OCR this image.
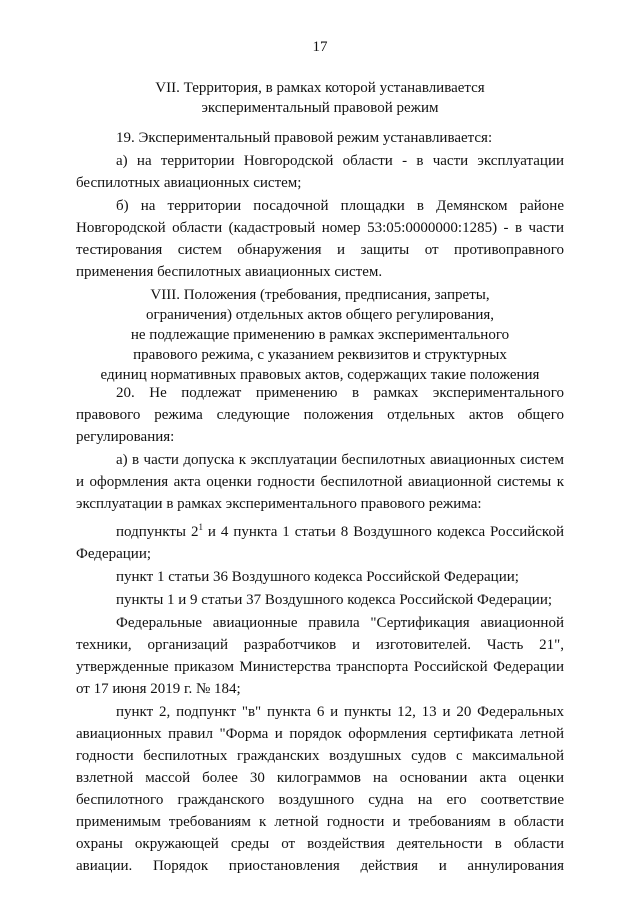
17
VII. Территория, в рамках которой устанавливается
экспериментальный правовой режим

19. Экспериментальный правовой режим устанавливается:

а) на территории Новгородской области - в части эксплуатации беспилотных авиационных систем;

б) на территории посадочной площадки в Демянском районе Новгородской области (кадастровый номер 53:05:0000000:1285) - в части тестирования систем обнаружения и защиты от противоправного применения беспилотных авиационных систем.

VIII. Положения (требования, предписания, запреты,
ограничения) отдельных актов общего регулирования,
не подлежащие применению в рамках экспериментального
правового режима, с указанием реквизитов и структурных
единиц нормативных правовых актов, содержащих такие положения

20. Не подлежат применению в рамках экспериментального правового режима следующие положения отдельных актов общего регулирования:

а) в части допуска к эксплуатации беспилотных авиационных систем и оформления акта оценки годности беспилотной авиационной системы к эксплуатации в рамках экспериментального правового режима:

подпункты $2^1$ и 4 пункта 1 статьи 8 Воздушного кодекса Российской Федерации;

пункт 1 статьи 36 Воздушного кодекса Российской Федерации;

пункты 1 и 9 статьи 37 Воздушного кодекса Российской Федерации;

Федеральные авиационные правила "Сертификация авиационной техники, организаций разработчиков и изготовителей. Часть 21", утвержденные приказом Министерства транспорта Российской Федерации от 17 июня 2019 г. № 184;

пункт 2, подпункт "в" пункта 6 и пункты 12, 13 и 20 Федеральных авиационных правил "Форма и порядок оформления сертификата летной годности беспилотных гражданских воздушных судов с максимальной взлетной массой более 30 килограммов на основании акта оценки беспилотного гражданского воздушного судна на его соответствие применимым требованиям к летной годности и требованиям в области охраны окружающей среды от воздействия деятельности в области авиации. Порядок приостановления действия и аннулирования
